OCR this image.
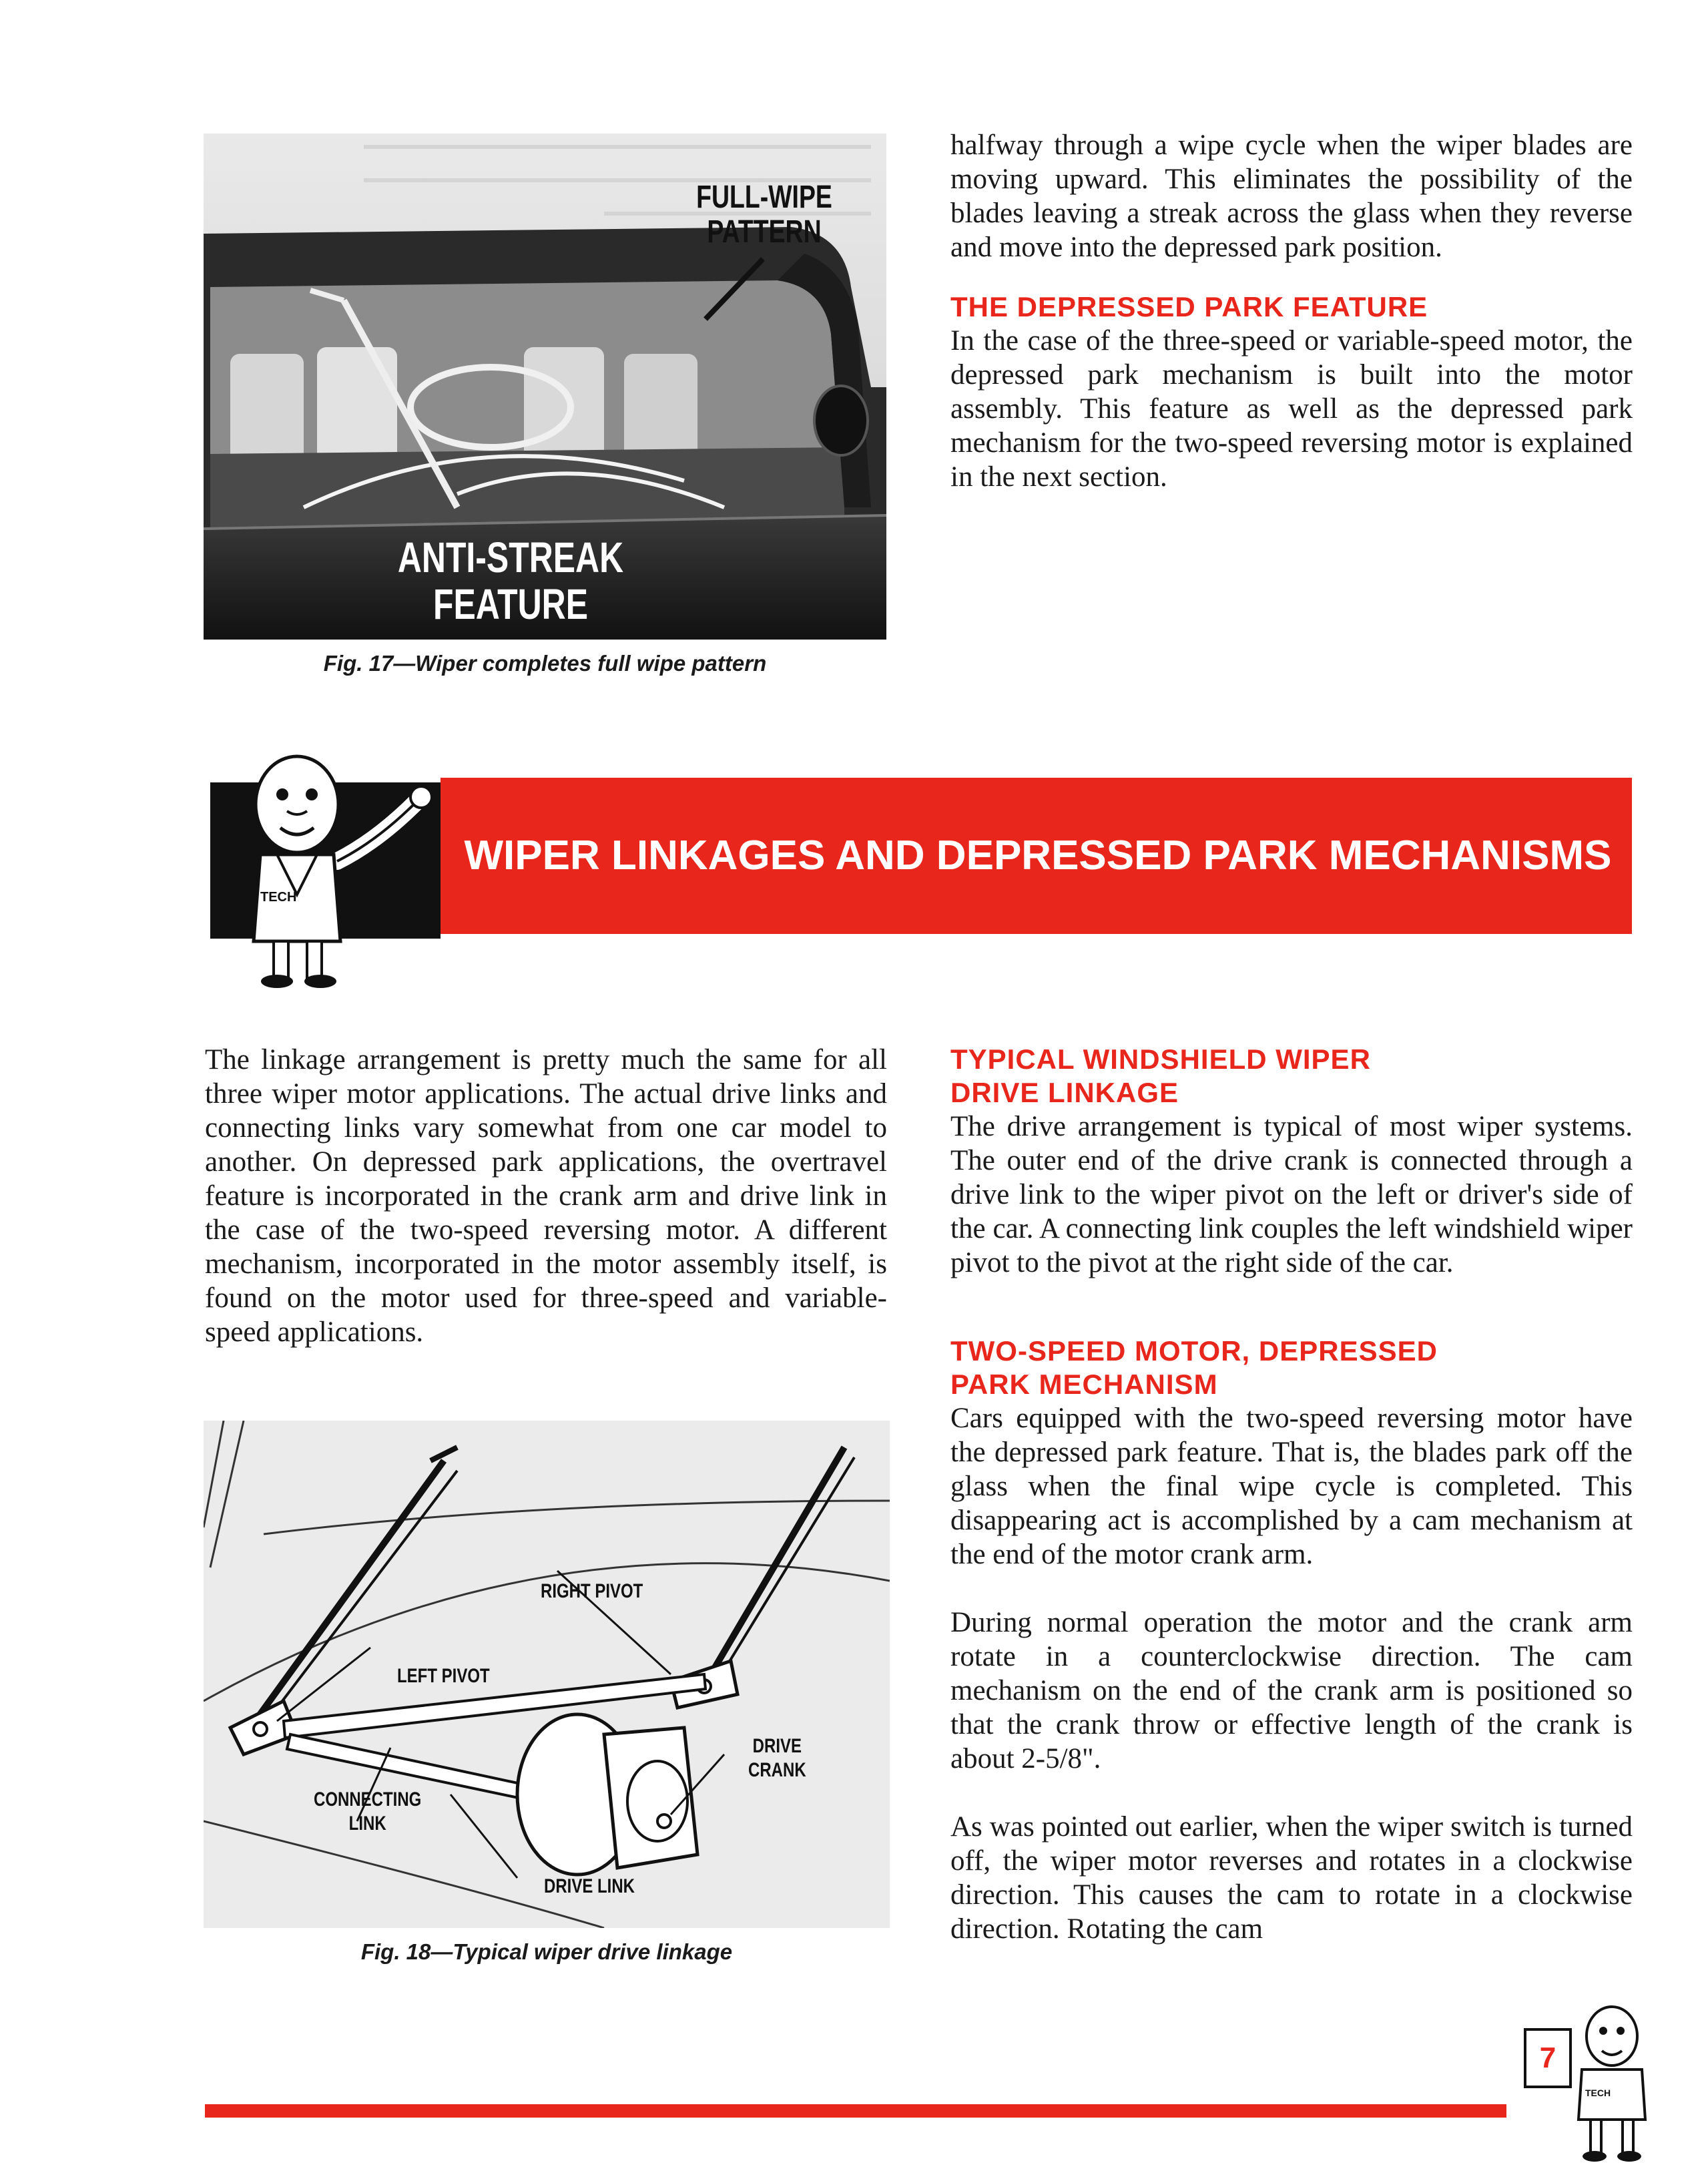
FULL-WIPE
PATTERN
ANTI-STREAK FEATURE
Fig. 17—Wiper completes full wipe pattern

halfway through a wipe cycle when the wiper blades are moving upward. This eliminates the possibility of the blades leaving a streak across the glass when they reverse and move into the depressed park position.

THE DEPRESSED PARK FEATURE

In the case of the three-speed or variable-speed motor, the depressed park mechanism is built into the motor assembly. This feature as well as the depressed park mechanism for the two-speed reversing motor is explained in the next section.

WIPER LINKAGES AND DEPRESSED PARK MECHANISMS
TECH

The linkage arrangement is pretty much the same for all three wiper motor applications. The actual drive links and connecting links vary somewhat from one car model to another. On depressed park applications, the overtravel feature is incorporated in the crank arm and drive link in the case of the two-speed reversing motor. A different mechanism, incorporated in the motor assembly itself, is found on the motor used for three-speed and variable-speed applications.

RIGHT PIVOT
LEFT PIVOT
DRIVE
CRANK
CONNECTING
LINK
DRIVE LINK
Fig. 18—Typical wiper drive linkage
TYPICAL WINDSHIELD WIPER
DRIVE LINKAGE

The drive arrangement is typical of most wiper systems. The outer end of the drive crank is connected through a drive link to the wiper pivot on the left or driver's side of the car. A connecting link couples the left windshield wiper pivot to the pivot at the right side of the car.

TWO-SPEED MOTOR, DEPRESSED
PARK MECHANISM

Cars equipped with the two-speed reversing motor have the depressed park feature. That is, the blades park off the glass when the final wipe cycle is completed. This disappearing act is accomplished by a cam mechanism at the end of the motor crank arm.

During normal operation the motor and the crank arm rotate in a counterclockwise direction. The cam mechanism on the end of the crank arm is positioned so that the crank throw or effective length of the crank is about 2-5/8".

As was pointed out earlier, when the wiper switch is turned off, the wiper motor reverses and rotates in a clockwise direction. This causes the cam to rotate in a clockwise direction. Rotating the cam

7
TECH
